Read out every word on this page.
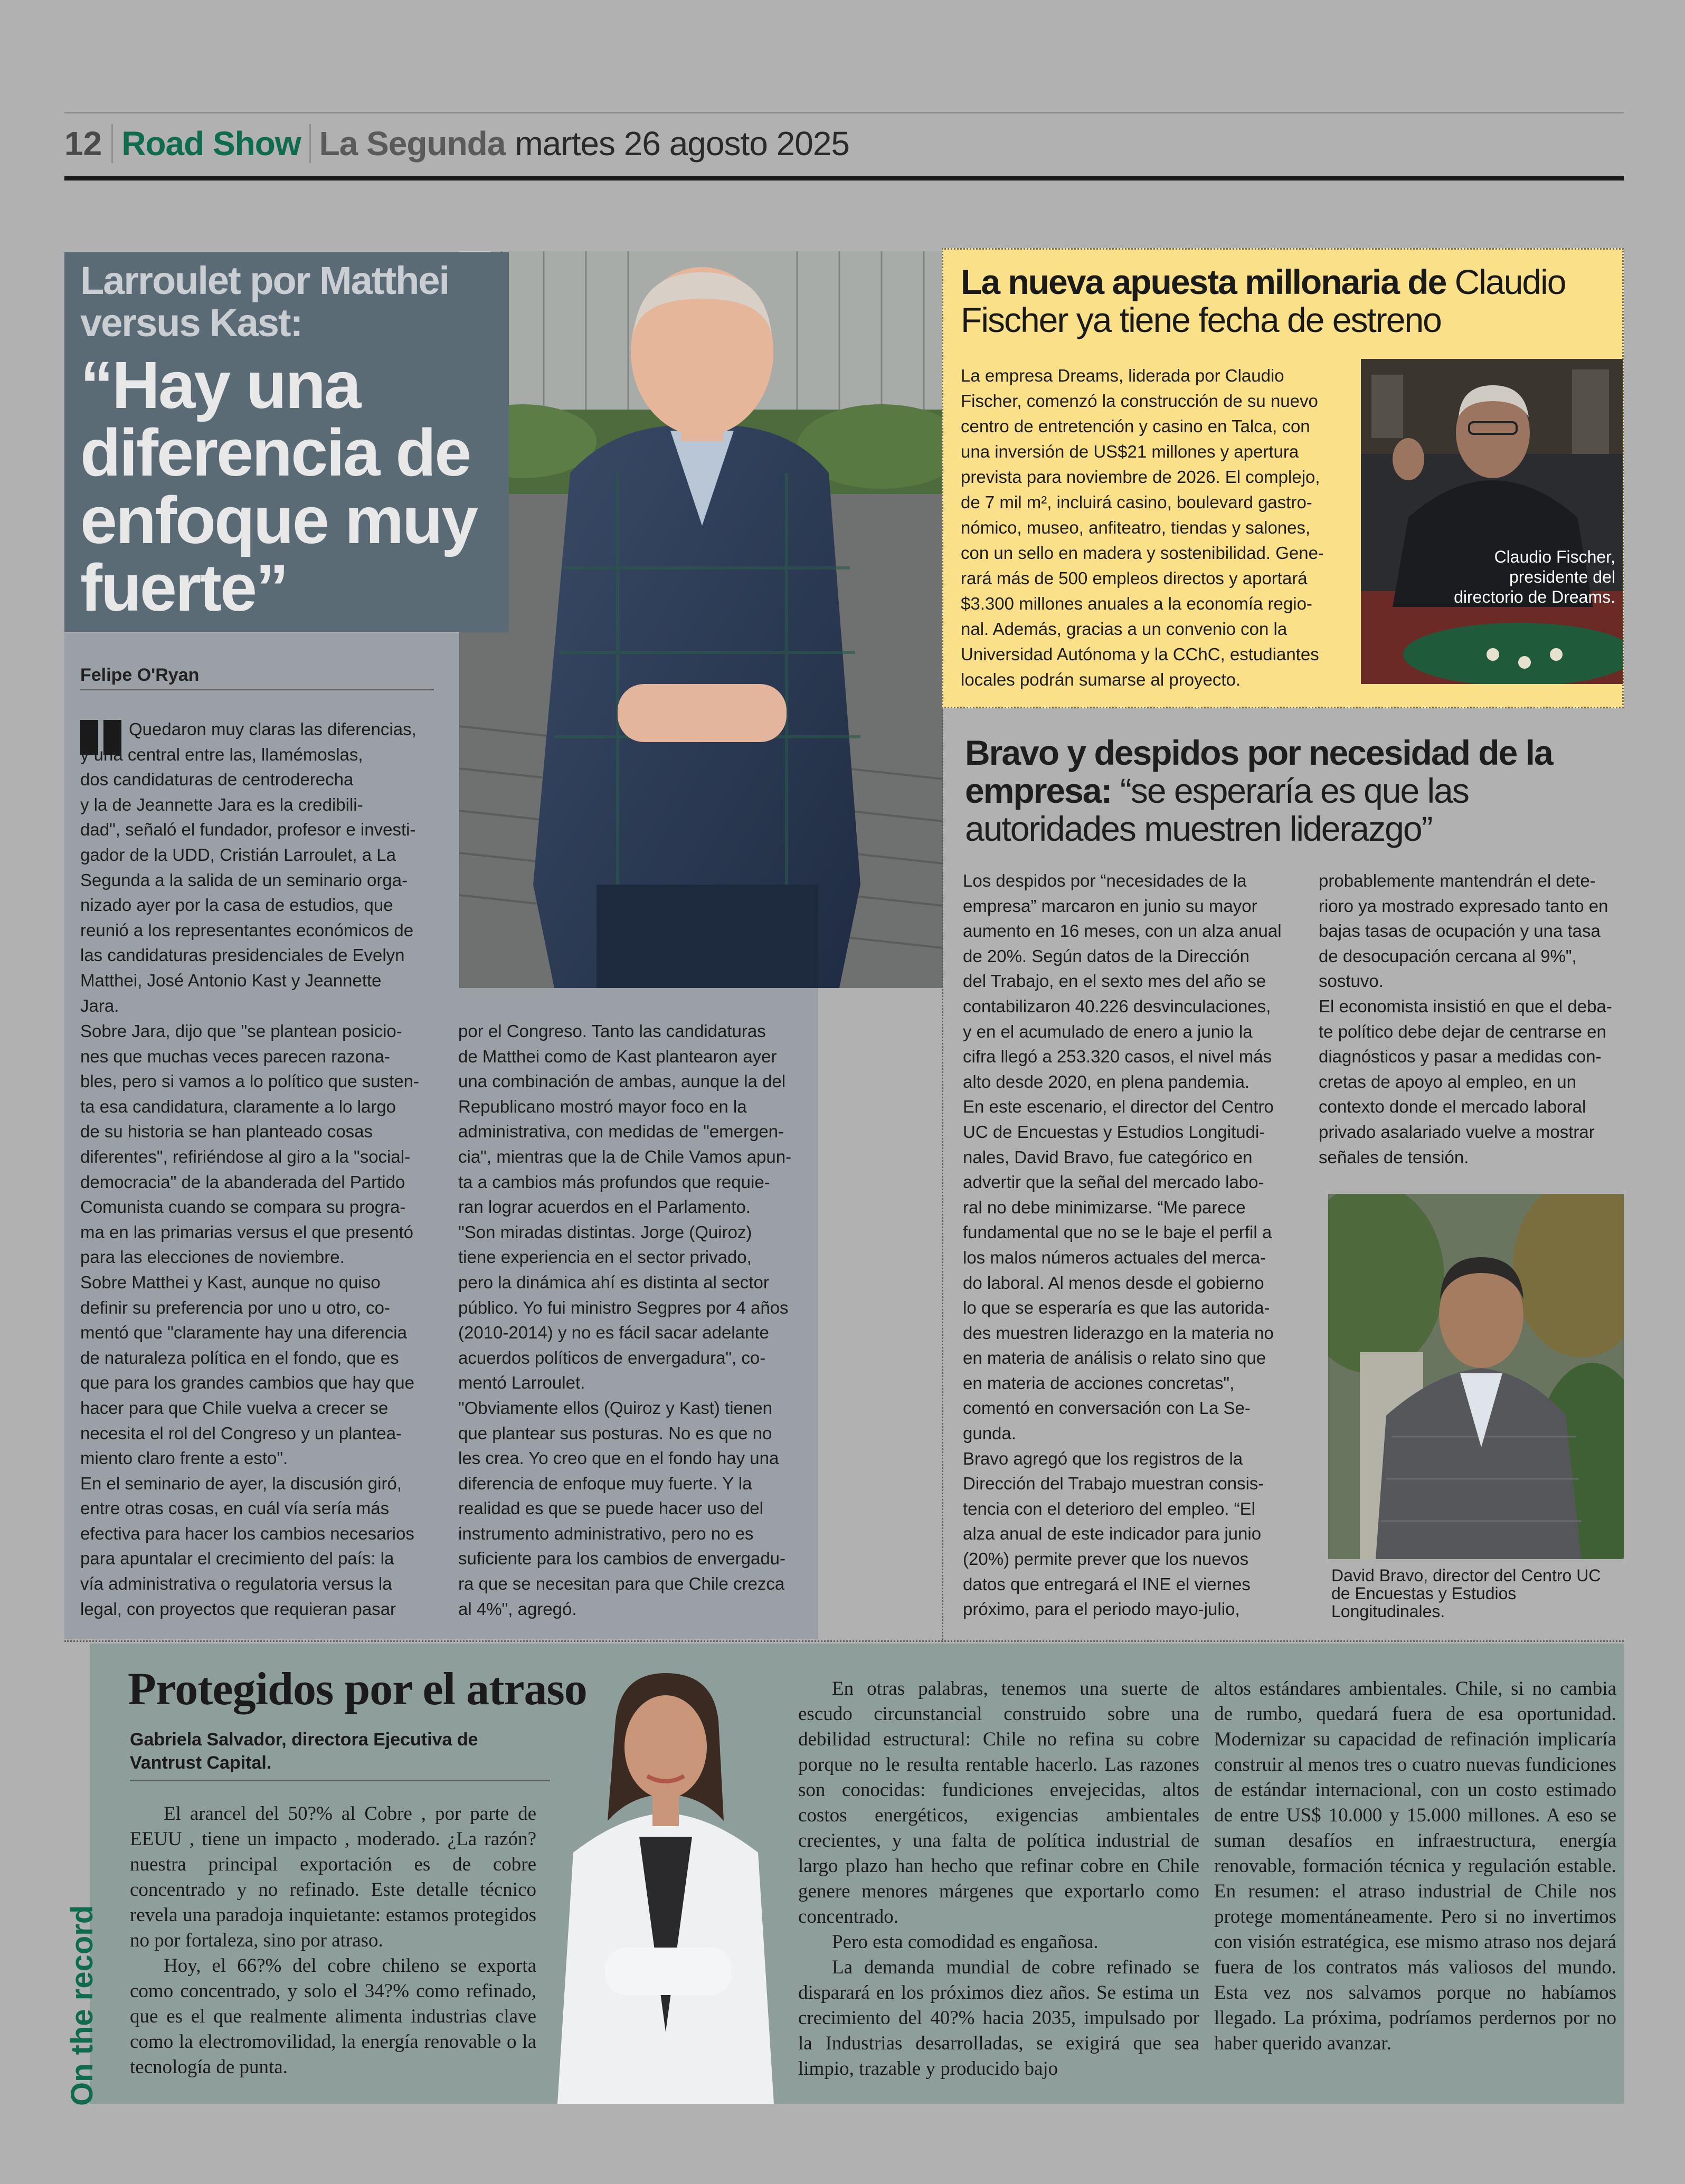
12 Road Show La Segunda martes 26 agosto 2025
Larroulet por Matthei versus Kast:
“Hay una diferencia de enfoque muy fuerte”
Felipe O'Ryan
Quedaron muy claras las diferencias,
y una central entre las, llamémoslas,
dos candidaturas de centroderecha
y la de Jeannette Jara es la credibili-
dad", señaló el fundador, profesor e investi-
gador de la UDD, Cristián Larroulet, a La
Segunda a la salida de un seminario orga-
nizado ayer por la casa de estudios, que
reunió a los representantes económicos de
las candidaturas presidenciales de Evelyn
Matthei, José Antonio Kast y Jeannette
Jara.
Sobre Jara, dijo que "se plantean posicio-
nes que muchas veces parecen razona-
bles, pero si vamos a lo político que susten-
ta esa candidatura, claramente a lo largo
de su historia se han planteado cosas
diferentes", refiriéndose al giro a la "social-
democracia" de la abanderada del Partido
Comunista cuando se compara su progra-
ma en las primarias versus el que presentó
para las elecciones de noviembre.
Sobre Matthei y Kast, aunque no quiso
definir su preferencia por uno u otro, co-
mentó que "claramente hay una diferencia
de naturaleza política en el fondo, que es
que para los grandes cambios que hay que
hacer para que Chile vuelva a crecer se
necesita el rol del Congreso y un plantea-
miento claro frente a esto".
En el seminario de ayer, la discusión giró,
entre otras cosas, en cuál vía sería más
efectiva para hacer los cambios necesarios
para apuntalar el crecimiento del país: la
vía administrativa o regulatoria versus la
legal, con proyectos que requieran pasar
por el Congreso. Tanto las candidaturas
de Matthei como de Kast plantearon ayer
una combinación de ambas, aunque la del
Republicano mostró mayor foco en la
administrativa, con medidas de "emergen-
cia", mientras que la de Chile Vamos apun-
ta a cambios más profundos que requie-
ran lograr acuerdos en el Parlamento.
"Son miradas distintas. Jorge (Quiroz)
tiene experiencia en el sector privado,
pero la dinámica ahí es distinta al sector
público. Yo fui ministro Segpres por 4 años
(2010-2014) y no es fácil sacar adelante
acuerdos políticos de envergadura", co-
mentó Larroulet.
"Obviamente ellos (Quiroz y Kast) tienen
que plantear sus posturas. No es que no
les crea. Yo creo que en el fondo hay una
diferencia de enfoque muy fuerte. Y la
realidad es que se puede hacer uso del
instrumento administrativo, pero no es
suficiente para los cambios de envergadu-
ra que se necesitan para que Chile crezca
al 4%", agregó.
La nueva apuesta millonaria de Claudio Fischer ya tiene fecha de estreno
La empresa Dreams, liderada por Claudio
Fischer, comenzó la construcción de su nuevo
centro de entretención y casino en Talca, con
una inversión de US$21 millones y apertura
prevista para noviembre de 2026. El complejo,
de 7 mil m², incluirá casino, boulevard gastro-
nómico, museo, anfiteatro, tiendas y salones,
con un sello en madera y sostenibilidad. Gene-
rará más de 500 empleos directos y aportará
$3.300 millones anuales a la economía regio-
nal. Además, gracias a un convenio con la
Universidad Autónoma y la CChC, estudiantes
locales podrán sumarse al proyecto.
Claudio Fischer,
presidente del
directorio de Dreams.
Bravo y despidos por necesidad de la empresa: “se esperaría es que las autoridades muestren liderazgo”
Los despidos por “necesidades de la
empresa” marcaron en junio su mayor
aumento en 16 meses, con un alza anual
de 20%. Según datos de la Dirección
del Trabajo, en el sexto mes del año se
contabilizaron 40.226 desvinculaciones,
y en el acumulado de enero a junio la
cifra llegó a 253.320 casos, el nivel más
alto desde 2020, en plena pandemia.
En este escenario, el director del Centro
UC de Encuestas y Estudios Longitudi-
nales, David Bravo, fue categórico en
advertir que la señal del mercado labo-
ral no debe minimizarse. “Me parece
fundamental que no se le baje el perfil a
los malos números actuales del merca-
do laboral. Al menos desde el gobierno
lo que se esperaría es que las autorida-
des muestren liderazgo en la materia no
en materia de análisis o relato sino que
en materia de acciones concretas",
comentó en conversación con La Se-
gunda.
Bravo agregó que los registros de la
Dirección del Trabajo muestran consis-
tencia con el deterioro del empleo. “El
alza anual de este indicador para junio
(20%) permite prever que los nuevos
datos que entregará el INE el viernes
próximo, para el periodo mayo-julio,
probablemente mantendrán el dete-
rioro ya mostrado expresado tanto en
bajas tasas de ocupación y una tasa
de desocupación cercana al 9%",
sostuvo.
El economista insistió en que el deba-
te político debe dejar de centrarse en
diagnósticos y pasar a medidas con-
cretas de apoyo al empleo, en un
contexto donde el mercado laboral
privado asalariado vuelve a mostrar
señales de tensión.
David Bravo, director del Centro UC
de Encuestas y Estudios
Longitudinales.
On the record
Protegidos por el atraso
Gabriela Salvador, directora Ejecutiva de
Vantrust Capital.

El arancel del 50?% al Cobre , por parte de EEUU , tiene un impacto , moderado. ¿La razón? nuestra principal exportación es de cobre concentrado y no refinado. Este detalle técnico revela una paradoja inquietante: estamos protegidos no por fortaleza, sino por atraso.

Hoy, el 66?% del cobre chileno se exporta como concentrado, y solo el 34?% como refinado, que es el que realmente alimenta industrias clave como la electromovilidad, la energía renovable o la tecnología de punta.

En otras palabras, tenemos una suerte de escudo circunstancial construido sobre una debilidad estructural: Chile no refina su cobre porque no le resulta rentable hacerlo. Las razones son conocidas: fundiciones envejecidas, altos costos energéticos, exigencias ambientales crecientes, y una falta de política industrial de largo plazo han hecho que refinar cobre en Chile genere menores márgenes que exportarlo como concentrado.

Pero esta comodidad es engañosa.

La demanda mundial de cobre refinado se disparará en los próximos diez años. Se estima un crecimiento del 40?% hacia 2035, impulsado por la Industrias desarrolladas, se exigirá que sea limpio, trazable y producido bajo

altos estándares ambientales. Chile, si no cambia de rumbo, quedará fuera de esa oportunidad. Modernizar su capacidad de refinación implicaría construir al menos tres o cuatro nuevas fundiciones de estándar internacional, con un costo estimado de entre US$ 10.000 y 15.000 millones. A eso se suman desafíos en infraestructura, energía renovable, formación técnica y regulación estable. En resumen: el atraso industrial de Chile nos protege momentáneamente. Pero si no invertimos con visión estratégica, ese mismo atraso nos dejará fuera de los contratos más valiosos del mundo. Esta vez nos salvamos porque no habíamos llegado. La próxima, podríamos perdernos por no haber querido avanzar.
